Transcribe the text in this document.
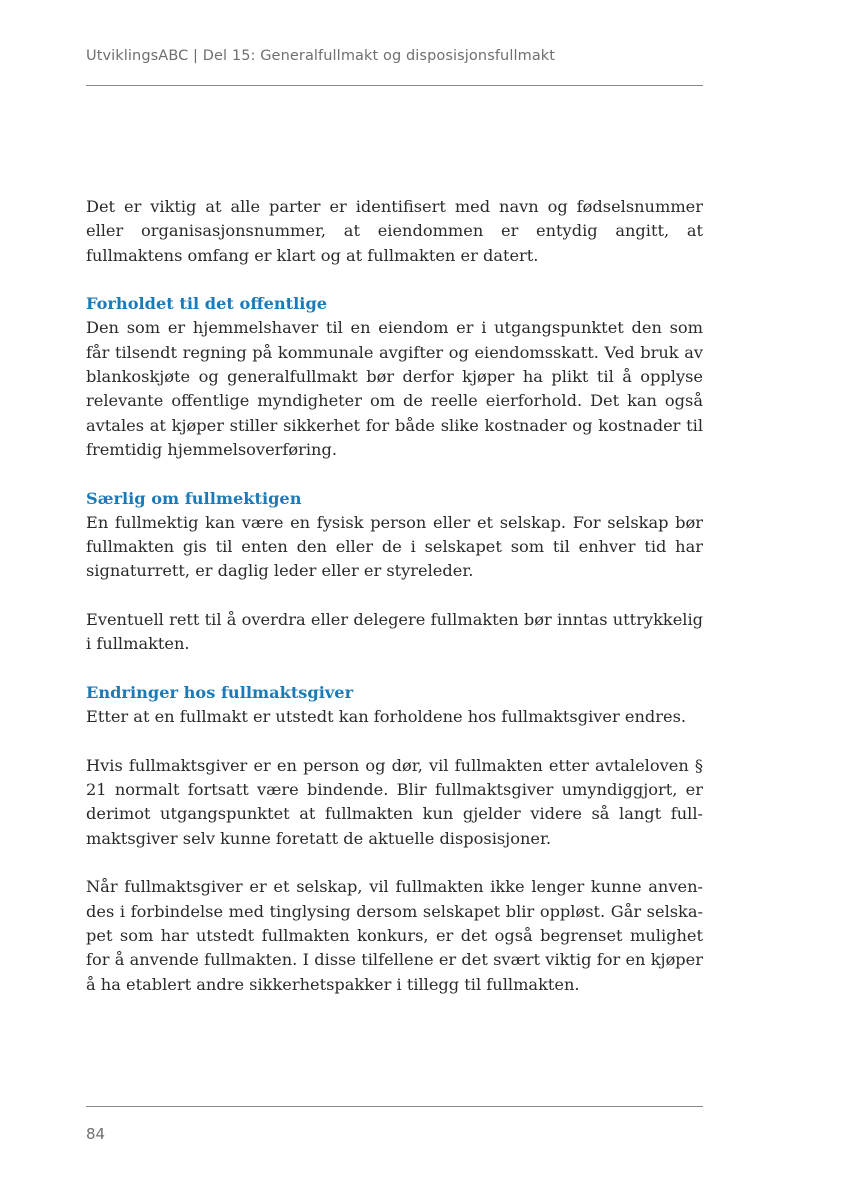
UtviklingsABC | Del 15: Generalfullmakt og disposisjonsfullmakt

Det er viktig at alle parter er identifisert med navn og fødselsnummer eller organisasjonsnummer, at eiendommen er entydig angitt, at fullmaktens omfang er klart og at fullmakten er datert.

Forholdet til det offentlige

Den som er hjemmelshaver til en eiendom er i utgangspunktet den som får tilsendt regning på kommunale avgifter og eiendomsskatt. Ved bruk av blankoskjøte og generalfullmakt bør derfor kjøper ha plikt til å opplyse relevante offentlige myndigheter om de reelle eierforhold. Det kan også avtales at kjøper stiller sikkerhet for både slike kostnader og kostnader til fremtidig hjemmelsoverføring.

Særlig om fullmektigen

En fullmektig kan være en fysisk person eller et selskap. For selskap bør fullmakten gis til enten den eller de i selskapet som til enhver tid har signaturrett, er daglig leder eller er styreleder.

Eventuell rett til å overdra eller delegere fullmakten bør inntas uttrykkelig i fullmakten.

Endringer hos fullmaktsgiver

Etter at en fullmakt er utstedt kan forholdene hos fullmaktsgiver endres.

Hvis fullmaktsgiver er en person og dør, vil fullmakten etter avtaleloven § 21 normalt fortsatt være bindende. Blir fullmaktsgiver umyndiggjort, er derimot utgangspunktet at fullmakten kun gjelder videre så langt fullmaktsgiver selv kunne foretatt de aktuelle disposisjoner.

Når fullmaktsgiver er et selskap, vil fullmakten ikke lenger kunne anvendes i forbindelse med tinglysing dersom selskapet blir oppløst. Går selskapet som har utstedt fullmakten konkurs, er det også begrenset mulighet for å anvende fullmakten. I disse tilfellene er det svært viktig for en kjøper å ha etablert andre sikkerhetspakker i tillegg til fullmakten.

84
